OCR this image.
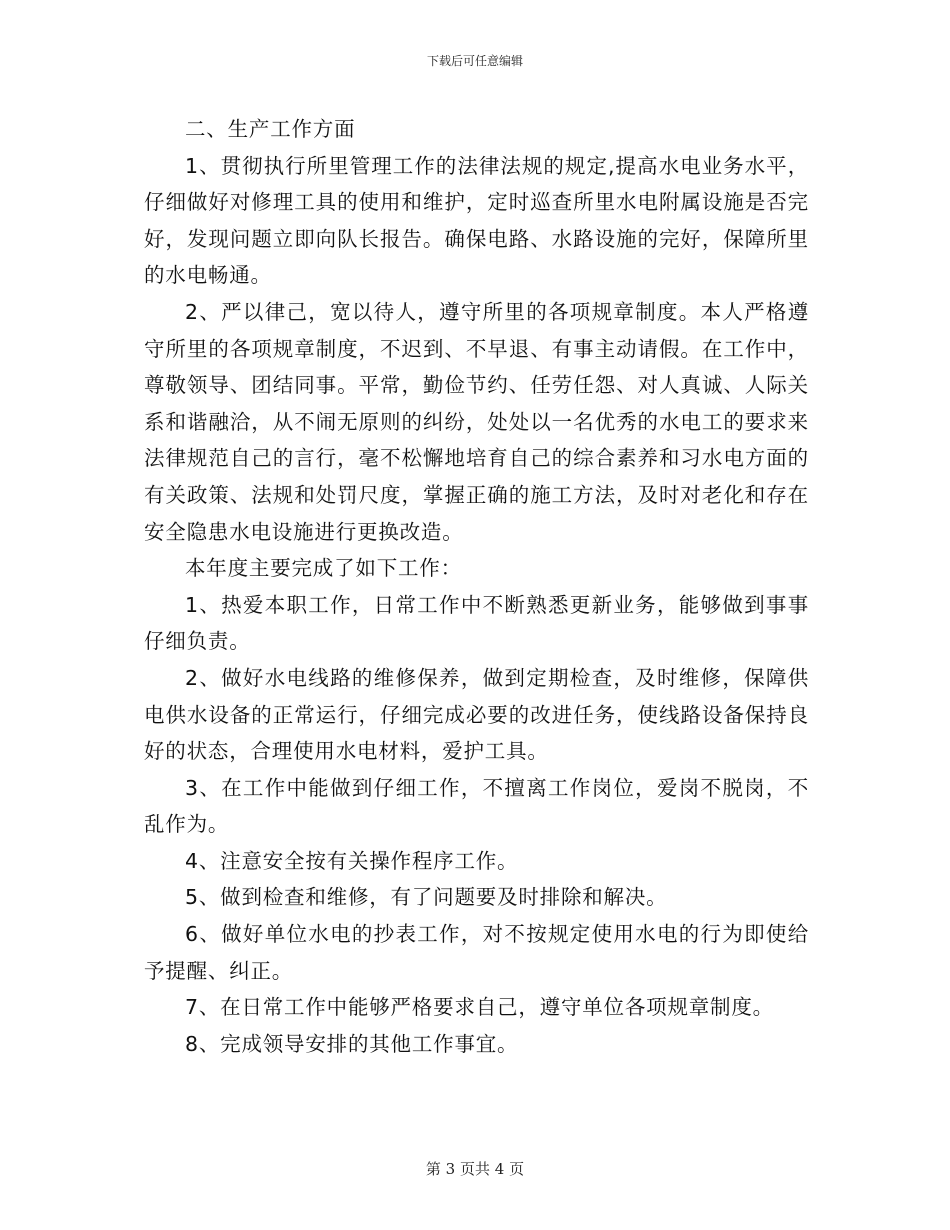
下载后可任意编辑

二、生产工作方面

1、贯彻执行所里管理工作的法律法规的规定,提高水电业务水平，仔细做好对修理工具的使用和维护，定时巡查所里水电附属设施是否完好，发现问题立即向队长报告。确保电路、水路设施的完好，保障所里的水电畅通。

2、严以律己，宽以待人，遵守所里的各项规章制度。本人严格遵守所里的各项规章制度，不迟到、不早退、有事主动请假。在工作中，尊敬领导、团结同事。平常，勤俭节约、任劳任怨、对人真诚、人际关系和谐融洽，从不闹无原则的纠纷，处处以一名优秀的水电工的要求来法律规范自己的言行，毫不松懈地培育自己的综合素养和习水电方面的有关政策、法规和处罚尺度，掌握正确的施工方法，及时对老化和存在安全隐患水电设施进行更换改造。

本年度主要完成了如下工作：

1、热爱本职工作，日常工作中不断熟悉更新业务，能够做到事事仔细负责。

2、做好水电线路的维修保养，做到定期检查，及时维修，保障供电供水设备的正常运行，仔细完成必要的改进任务，使线路设备保持良好的状态，合理使用水电材料，爱护工具。

3、在工作中能做到仔细工作，不擅离工作岗位，爱岗不脱岗，不乱作为。

4、注意安全按有关操作程序工作。

5、做到检查和维修，有了问题要及时排除和解决。

6、做好单位水电的抄表工作，对不按规定使用水电的行为即使给予提醒、纠正。

7、在日常工作中能够严格要求自己，遵守单位各项规章制度。

8、完成领导安排的其他工作事宜。

第 3 页共 4 页
